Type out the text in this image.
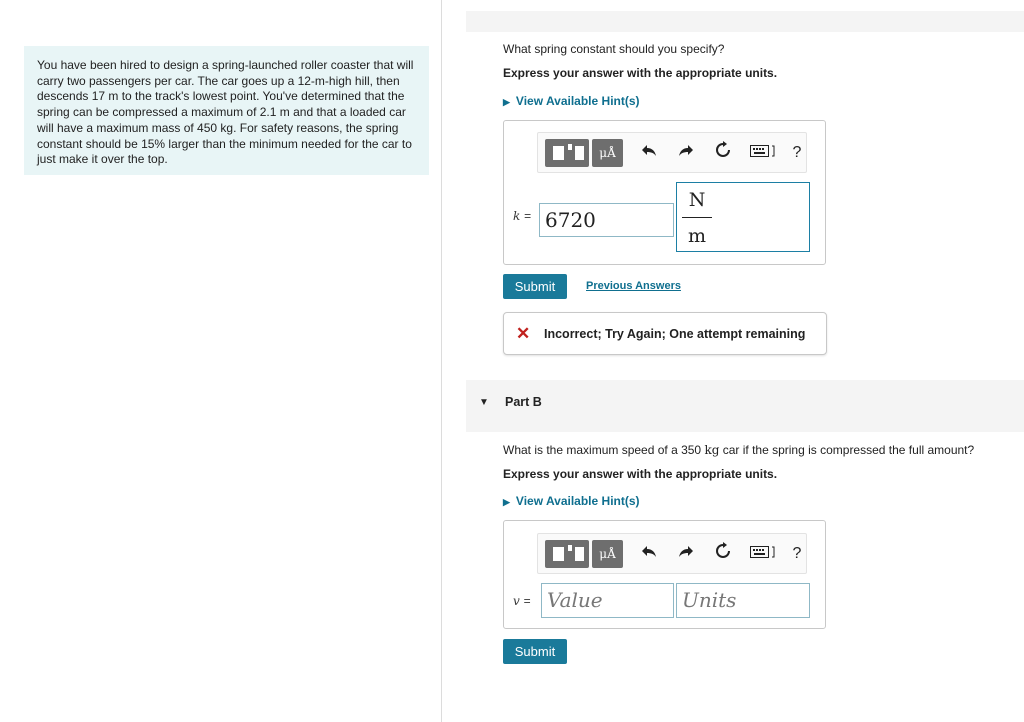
You have been hired to design a spring-launched roller coaster that will
carry two passengers per car. The car goes up a 12-m-high hill, then
descends 17 m to the track's lowest point. You've determined that the
spring can be compressed a maximum of 2.1 m and that a loaded car
will have a maximum mass of 450 kg. For safety reasons, the spring
constant should be 15% larger than the minimum needed for the car to
just make it over the top.
What spring constant should you specify?
Express your answer with the appropriate units.
▶ View Available Hint(s)
μÅ	?
k = 6720
N
m
Submit	Previous Answers
✕ Incorrect; Try Again; One attempt remaining
▼ Part B
What is the maximum speed of a 350 kg car if the spring is compressed the full amount?
Express your answer with the appropriate units.
▶ View Available Hint(s)
μÅ	?
v = Value	Units
Submit
